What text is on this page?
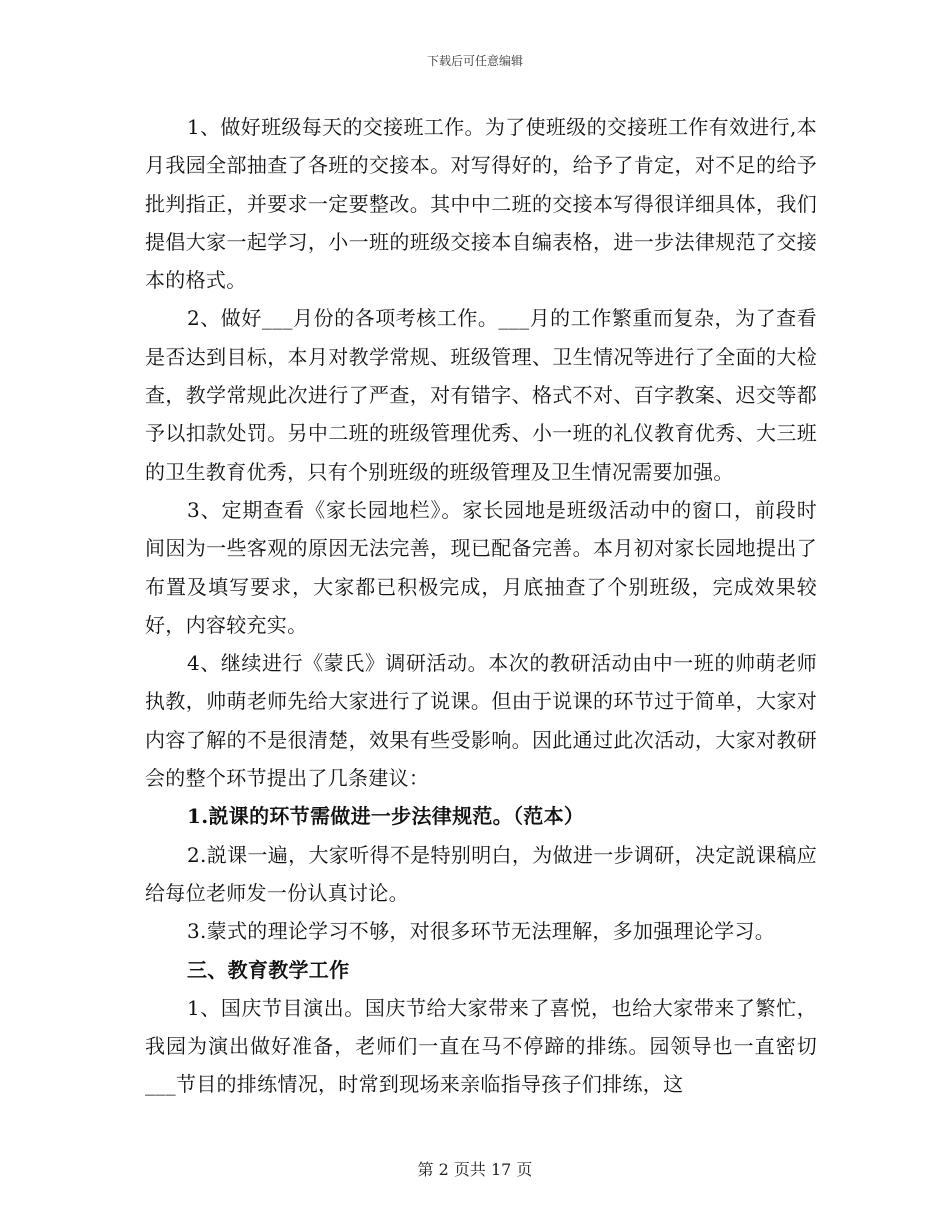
下载后可任意编辑

1、做好班级每天的交接班工作。为了使班级的交接班工作有效进行,本月我园全部抽查了各班的交接本。对写得好的，给予了肯定，对不足的给予批判指正，并要求一定要整改。其中中二班的交接本写得很详细具体，我们提倡大家一起学习，小一班的班级交接本自编表格，进一步法律规范了交接本的格式。

2、做好___月份的各项考核工作。___月的工作繁重而复杂，为了查看是否达到目标，本月对教学常规、班级管理、卫生情况等进行了全面的大检查，教学常规此次进行了严查，对有错字、格式不对、百字教案、迟交等都予以扣款处罚。另中二班的班级管理优秀、小一班的礼仪教育优秀、大三班的卫生教育优秀，只有个别班级的班级管理及卫生情况需要加强。

3、定期查看《家长园地栏》。家长园地是班级活动中的窗口，前段时间因为一些客观的原因无法完善，现已配备完善。本月初对家长园地提出了布置及填写要求，大家都已积极完成，月底抽查了个别班级，完成效果较好，内容较充实。

4、继续进行《蒙氏》调研活动。本次的教研活动由中一班的帅萌老师执教，帅萌老师先给大家进行了说课。但由于说课的环节过于简单，大家对内容了解的不是很清楚，效果有些受影响。因此通过此次活动，大家对教研会的整个环节提出了几条建议：

1.説课的环节需做进一步法律规范。（范本）

2.説课一遍，大家听得不是特别明白，为做进一步调研，决定説课稿应给每位老师发一份认真讨论。

3.蒙式的理论学习不够，对很多环节无法理解，多加强理论学习。

三、教育教学工作

1、国庆节目演出。国庆节给大家带来了喜悦，也给大家带来了繁忙，我园为演出做好准备，老师们一直在马不停蹄的排练。园领导也一直密切___节目的排练情况，时常到现场来亲临指导孩子们排练，这

第 2 页共 17 页
